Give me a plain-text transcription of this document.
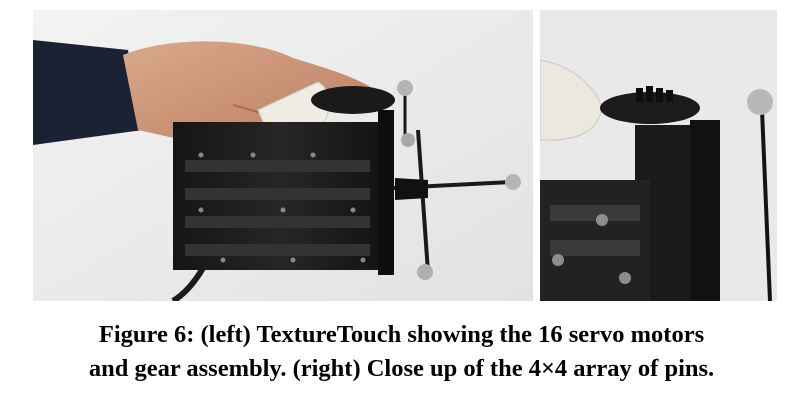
Figure 6: (left) TextureTouch showing the 16 servo motors
and gear assembly. (right) Close up of the 4×4 array of pins.
